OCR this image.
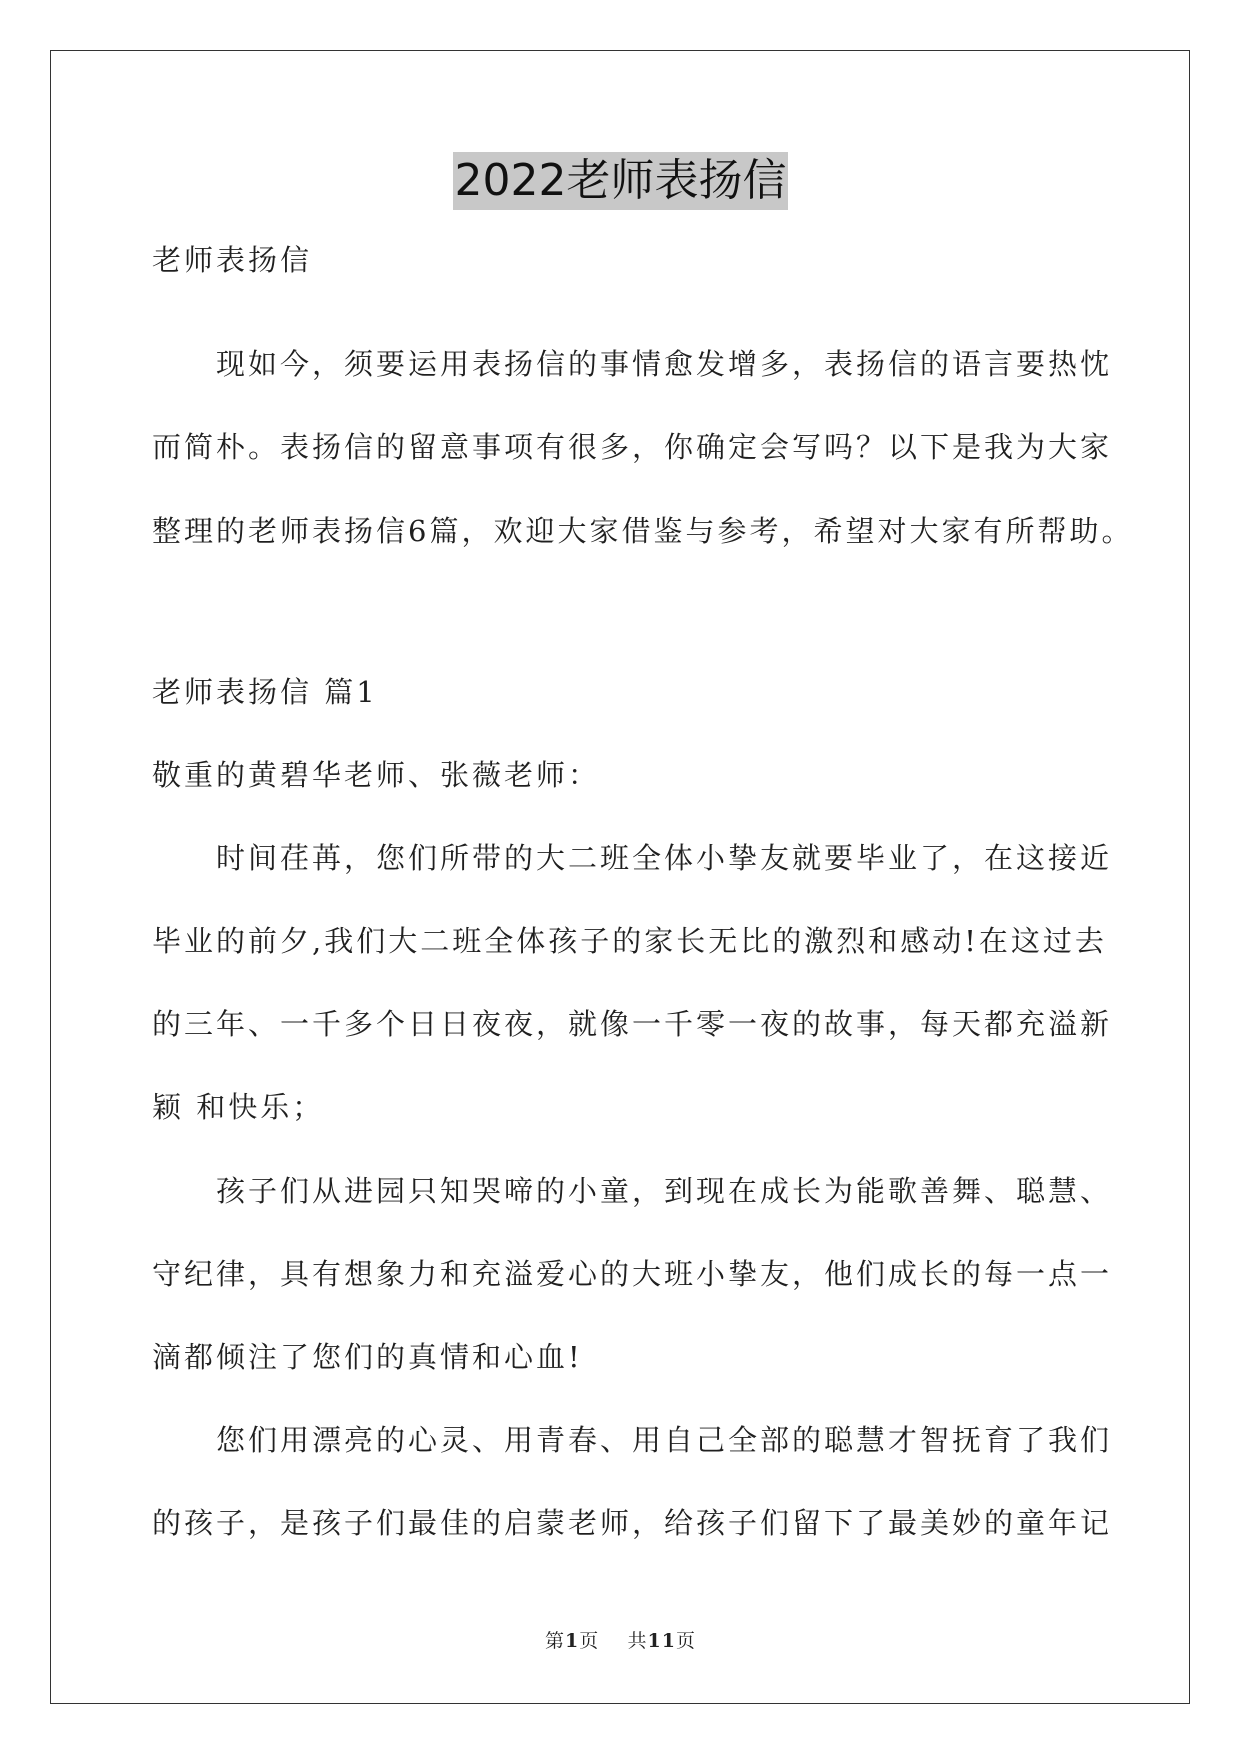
2022老师表扬信
老师表扬信
　　现如今，须要运用表扬信的事情愈发增多，表扬信的语言要热忱
而简朴。表扬信的留意事项有很多，你确定会写吗？以下是我为大家
整理的老师表扬信6篇，欢迎大家借鉴与参考，希望对大家有所帮助。
老师表扬信 篇1
敬重的黄碧华老师、张薇老师：
　　时间荏苒，您们所带的大二班全体小挚友就要毕业了，在这接近
毕业的前夕,我们大二班全体孩子的家长无比的激烈和感动!在这过去
的三年、一千多个日日夜夜，就像一千零一夜的故事，每天都充溢新
颖 和快乐；
　　孩子们从进园只知哭啼的小童，到现在成长为能歌善舞、聪慧、
守纪律，具有想象力和充溢爱心的大班小挚友，他们成长的每一点一
滴都倾注了您们的真情和心血!
　　您们用漂亮的心灵、用青春、用自己全部的聪慧才智抚育了我们
的孩子，是孩子们最佳的启蒙老师，给孩子们留下了最美妙的童年记
第1页 共11页
